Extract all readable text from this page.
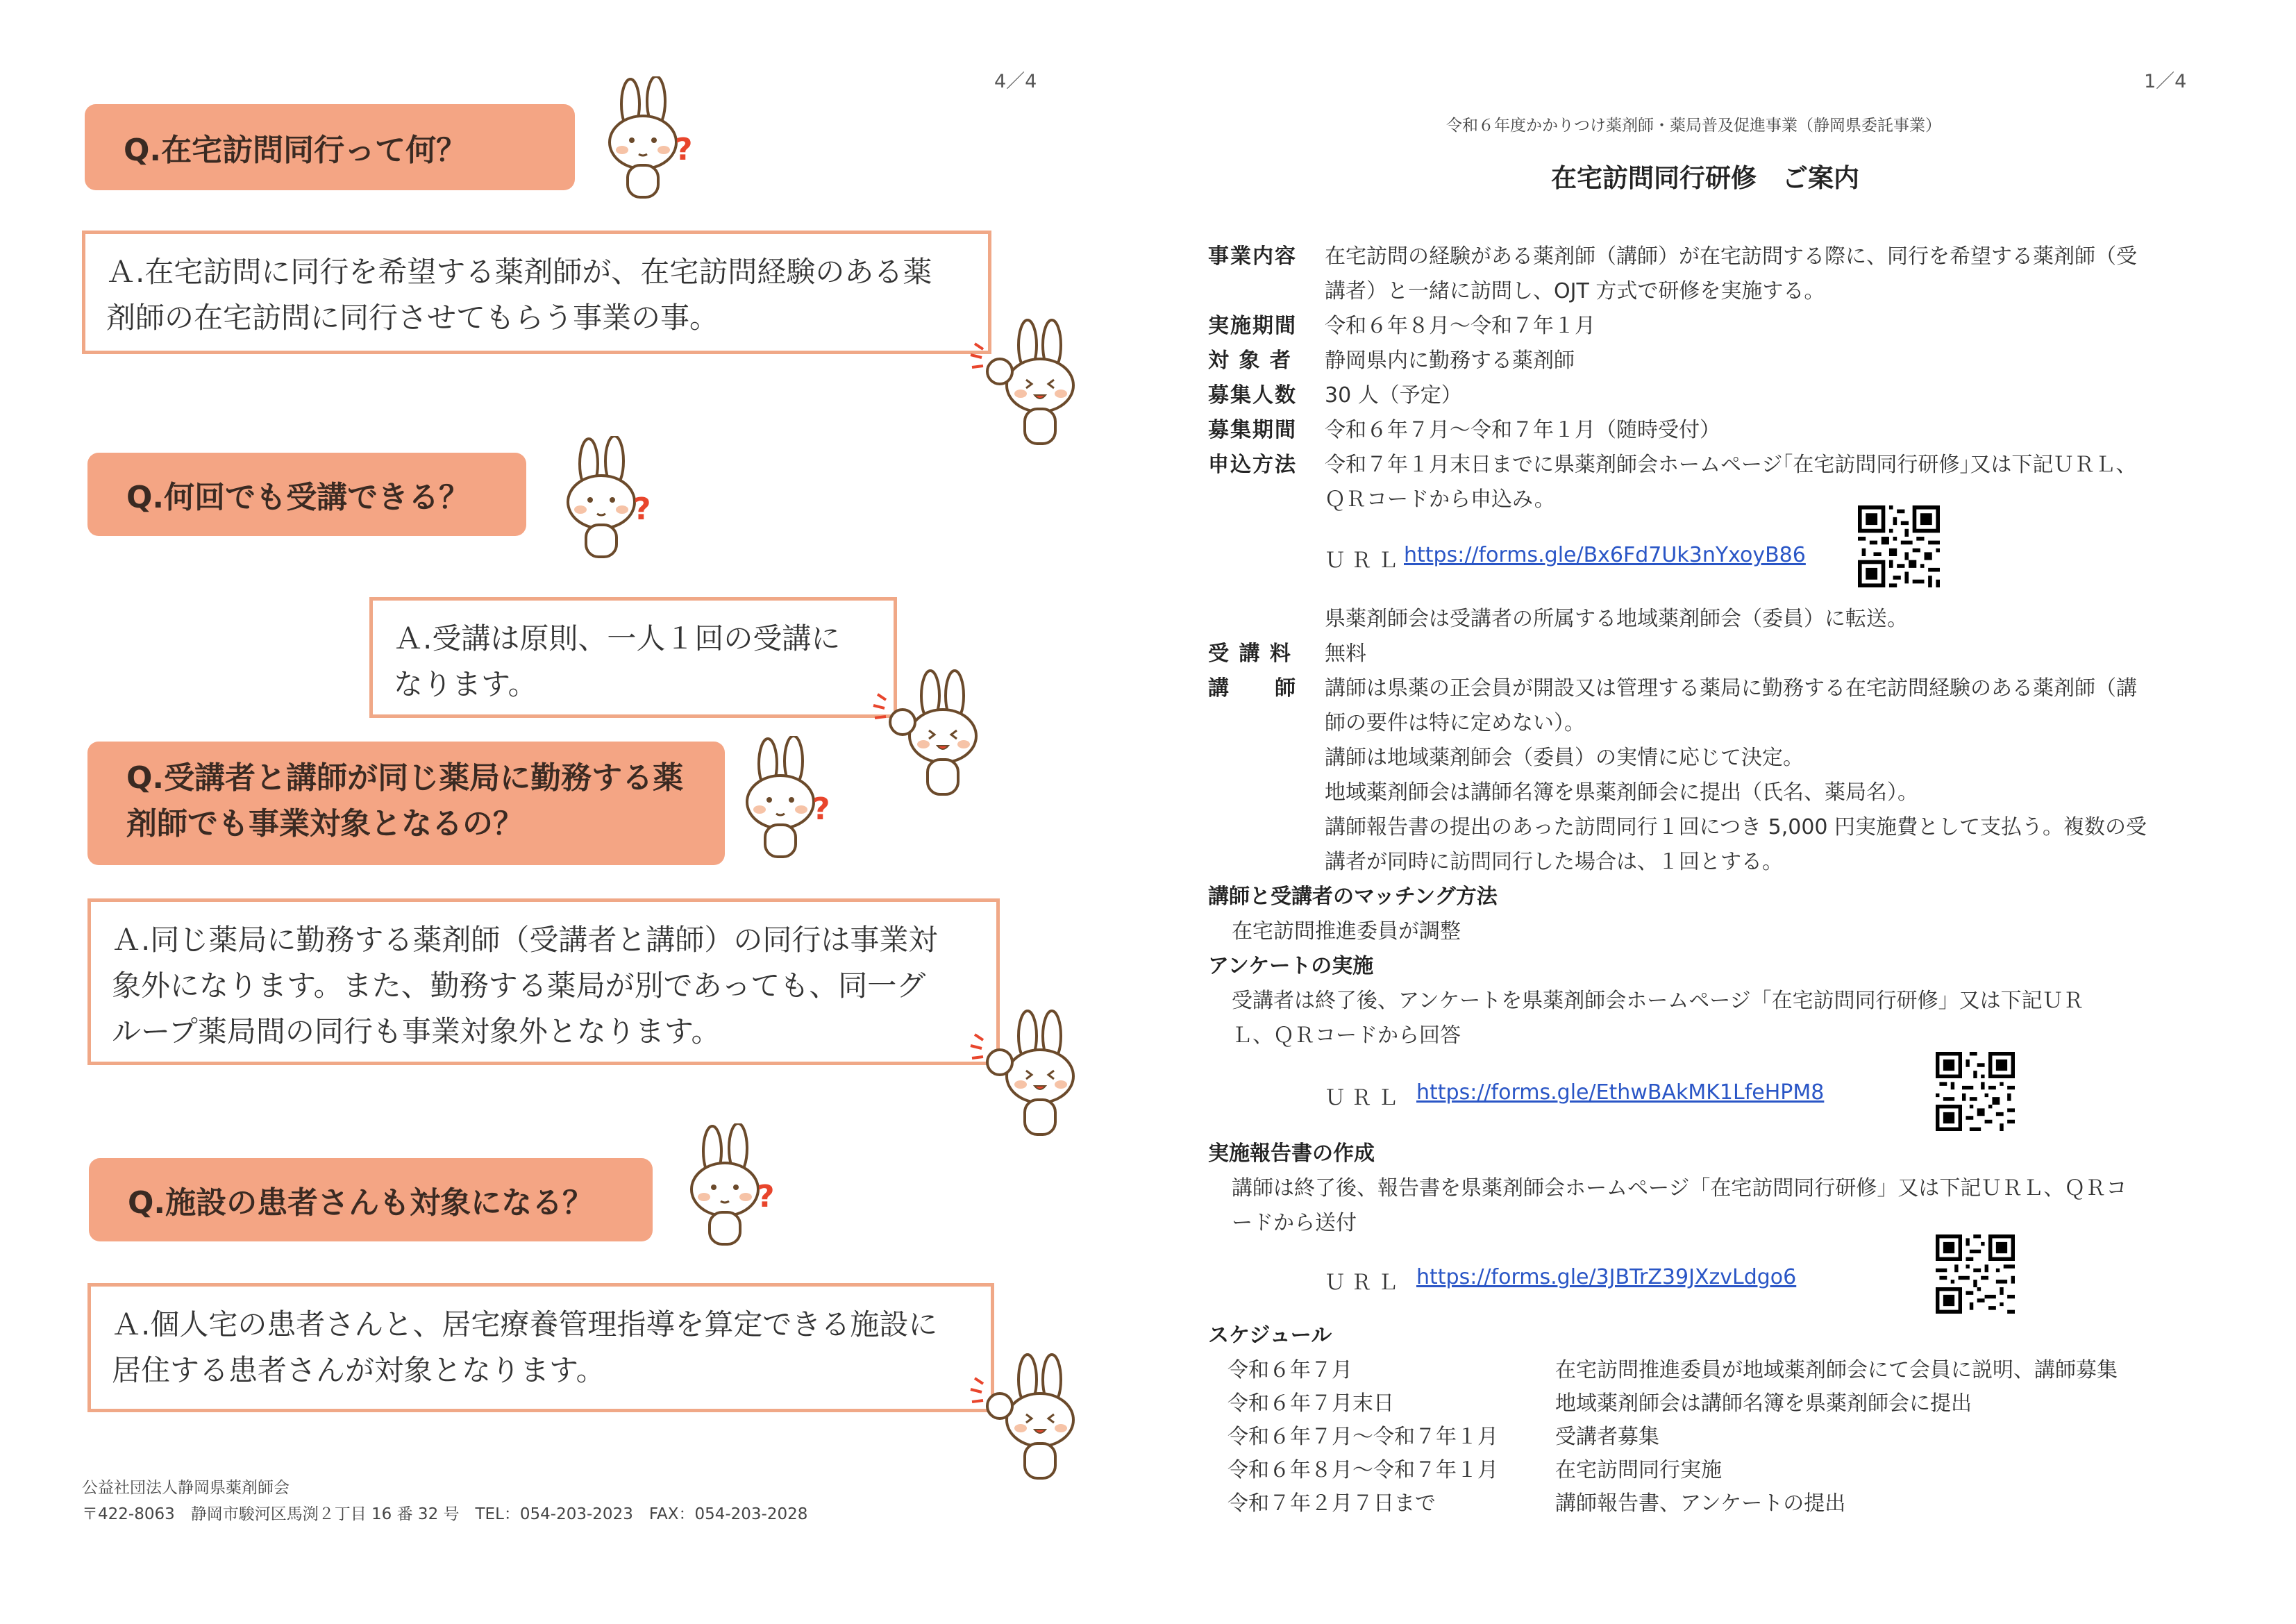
4／4
Q.在宅訪問同行って何？	?
Ａ.在宅訪問に同行を希望する薬剤師が、在宅訪問経験のある薬
剤師の在宅訪問に同行させてもらう事業の事。
Q.何回でも受講できる？	?
Ａ.受講は原則、一人１回の受講に
なります。
Q.受講者と講師が同じ薬局に勤務する薬
剤師でも事業対象となるの？	?
Ａ.同じ薬局に勤務する薬剤師（受講者と講師）の同行は事業対
象外になります。また、勤務する薬局が別であっても、同一グ
ループ薬局間の同行も事業対象外となります。
Q.施設の患者さんも対象になる？	?
Ａ.個人宅の患者さんと、居宅療養管理指導を算定できる施設に
居住する患者さんが対象となります。
公益社団法人静岡県薬剤師会
〒422-8063　静岡市駿河区馬渕２丁目 16 番 32 号　TEL：054-203-2023　FAX：054-203-2028
1／4
令和６年度かかりつけ薬剤師・薬局普及促進事業（静岡県委託事業）
在宅訪問同行研修　ご案内
事業内容 在宅訪問の経験がある薬剤師（講師）が在宅訪問する際に、同行を希望する薬剤師（受
講者）と一緒に訪問し、OJT 方式で研修を実施する。
実施期間 令和６年８月～令和７年１月
対 象 者 静岡県内に勤務する薬剤師
募集人数 30 人（予定）
募集期間 令和６年７月～令和７年１月（随時受付）
申込方法 令和７年１月末日までに県薬剤師会ホームページ｢在宅訪問同行研修｣又は下記ＵＲＬ、
ＱＲコードから申込み。
ＵＲＬ https://forms.gle/Bx6Fd7Uk3nYxoyB86
県薬剤師会は受講者の所属する地域薬剤師会（委員）に転送。
受 講 料 無料
講　　師 講師は県薬の正会員が開設又は管理する薬局に勤務する在宅訪問経験のある薬剤師（講
師の要件は特に定めない）。
講師は地域薬剤師会（委員）の実情に応じて決定。
地域薬剤師会は講師名簿を県薬剤師会に提出（氏名、薬局名）。
講師報告書の提出のあった訪問同行１回につき 5,000 円実施費として支払う。複数の受
講者が同時に訪問同行した場合は、１回とする。
講師と受講者のマッチング方法
在宅訪問推進委員が調整
アンケートの実施
受講者は終了後、アンケートを県薬剤師会ホームページ「在宅訪問同行研修」又は下記ＵＲ
Ｌ、ＱＲコードから回答
ＵＲＬ https://forms.gle/EthwBAkMK1LfeHPM8
実施報告書の作成
講師は終了後、報告書を県薬剤師会ホームページ「在宅訪問同行研修」又は下記ＵＲＬ、ＱＲコ
ードから送付
ＵＲＬ https://forms.gle/3JBTrZ39JXzvLdgo6
スケジュール
令和６年７月	在宅訪問推進委員が地域薬剤師会にて会員に説明、講師募集
令和６年７月末日	地域薬剤師会は講師名簿を県薬剤師会に提出
令和６年７月～令和７年１月	受講者募集
令和６年８月～令和７年１月	在宅訪問同行実施
令和７年２月７日まで	講師報告書、アンケートの提出
